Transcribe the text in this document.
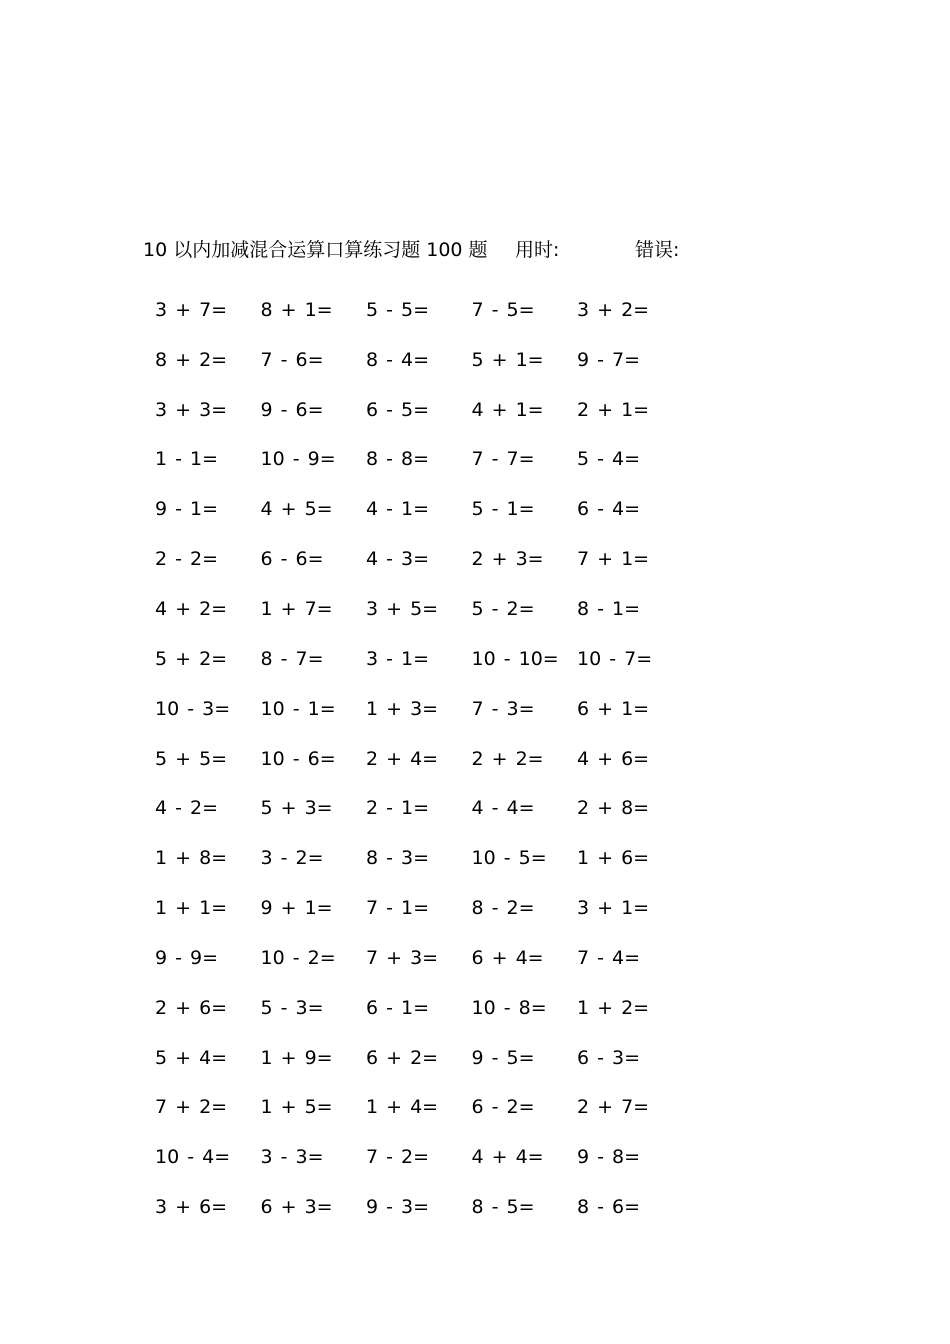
10 以内加减混合运算口算练习题 100 题 用时:	错误:
3 + 7=	8 + 1=	5 - 5=	7 - 5=	3 + 2=
8 + 2=	7 - 6=	8 - 4=	5 + 1=	9 - 7=
3 + 3=	9 - 6=	6 - 5=	4 + 1=	2 + 1=
1 - 1=	10 - 9=	8 - 8=	7 - 7=	5 - 4=
9 - 1=	4 + 5=	4 - 1=	5 - 1=	6 - 4=
2 - 2=	6 - 6=	4 - 3=	2 + 3=	7 + 1=
4 + 2=	1 + 7=	3 + 5=	5 - 2=	8 - 1=
5 + 2=	8 - 7=	3 - 1=	10 - 10= 10 - 7=
10 - 3=	10 - 1=	1 + 3=	7 - 3=	6 + 1=
5 + 5=	10 - 6=	2 + 4=	2 + 2=	4 + 6=
4 - 2=	5 + 3=	2 - 1=	4 - 4=	2 + 8=
1 + 8=	3 - 2=	8 - 3=	10 - 5=	1 + 6=
1 + 1=	9 + 1=	7 - 1=	8 - 2=	3 + 1=
9 - 9=	10 - 2=	7 + 3=	6 + 4=	7 - 4=
2 + 6=	5 - 3=	6 - 1=	10 - 8=	1 + 2=
5 + 4=	1 + 9=	6 + 2=	9 - 5=	6 - 3=
7 + 2=	1 + 5=	1 + 4=	6 - 2=	2 + 7=
10 - 4=	3 - 3=	7 - 2=	4 + 4=	9 - 8=
3 + 6=	6 + 3=	9 - 3=	8 - 5=	8 - 6=
